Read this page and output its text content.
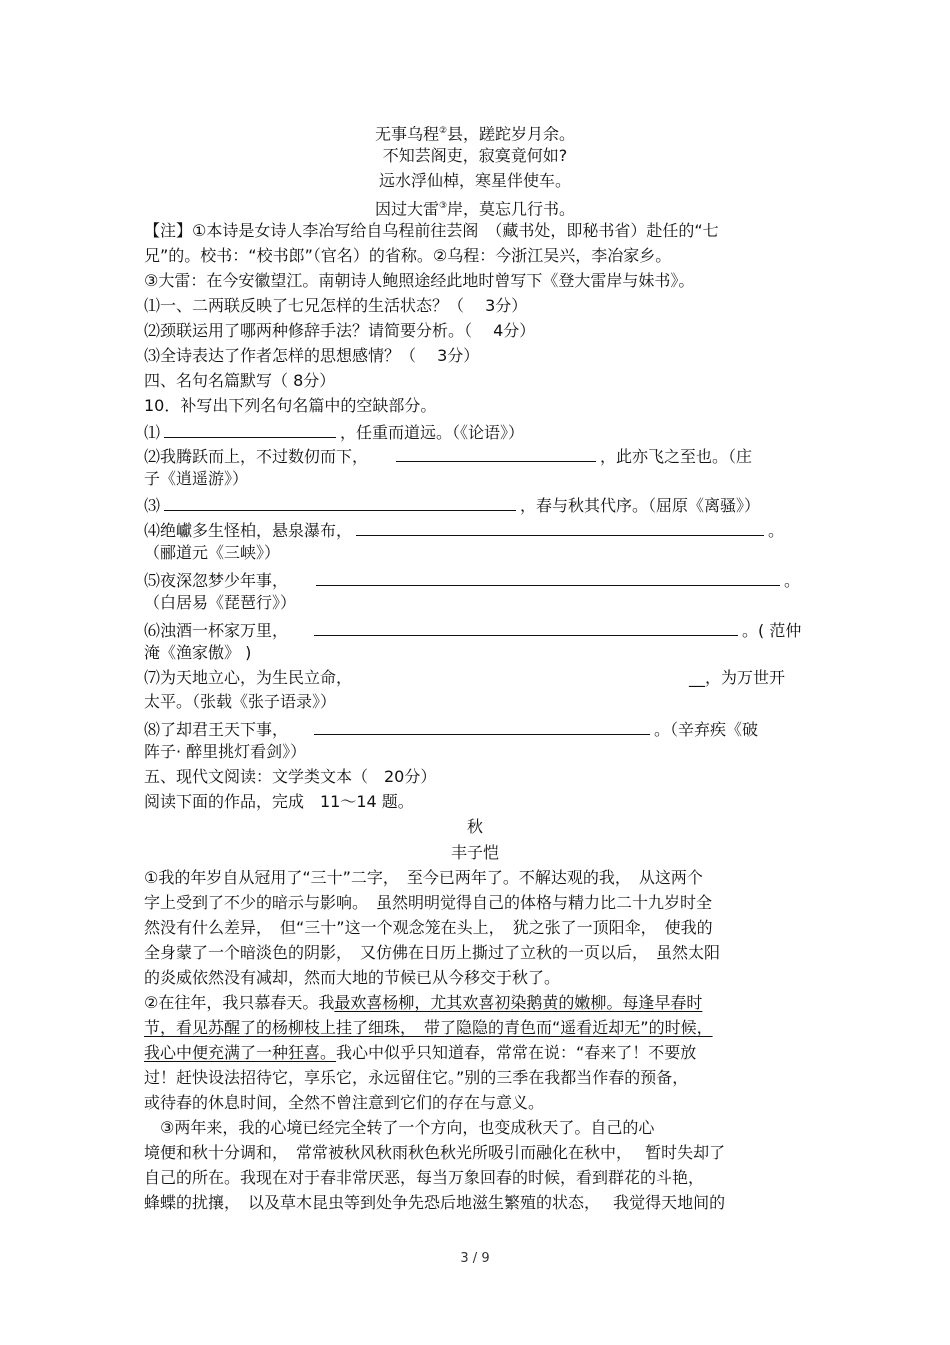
无事乌程②县，蹉跎岁月余。
不知芸阁吏，寂寞竟何如?
远水浮仙棹，寒星伴使车。
因过大雷③岸，莫忘几行书。
【注】①本诗是女诗人李冶写给自乌程前往芸阁　（藏书处，即秘书省）赴任的“七
兄”的。校书：“校书郎”（官名）的省称。②乌程：今浙江吴兴，李冶家乡。
③大雷：在今安徽望江。南朝诗人鲍照途经此地时曾写下《登大雷岸与妹书》。
⑴一、二两联反映了七兄怎样的生活状态？（　 3分）
⑵颈联运用了哪两种修辞手法？请简要分析。（　 4分）
⑶全诗表达了作者怎样的思想感情？（　 3分）
四、名句名篇默写（ 8分）
10．补写出下列名句名篇中的空缺部分。
⑴	，任重而道远。（《论语》）
⑵我腾跃而上，不过数仞而下，	，此亦飞之至也。（庄
子《逍遥游》）
⑶	，春与秋其代序。（屈原《离骚》）
⑷绝巘多生怪柏，悬泉瀑布，	。
（郦道元《三峡》）
⑸夜深忽梦少年事，	。
（白居易《琵琶行》）
⑹浊酒一杯家万里，	。( 范仲
淹《渔家傲》 )
⑺为天地立心，为生民立命，	__，为万世开
太平。（张载《张子语录》）
⑻了却君王天下事，	。（辛弃疾《破
阵子· 醉里挑灯看剑》）
五、现代文阅读：文学类文本（　20分）
阅读下面的作品，完成　11～14 题。
秋
丰子恺
①我的年岁自从冠用了“三十”二字，　至今已两年了。不解达观的我，　从这两个
字上受到了不少的暗示与影响。　虽然明明觉得自己的体格与精力比二十九岁时全
然没有什么差异，　但“三十”这一个观念笼在头上，　犹之张了一顶阳伞，　使我的
全身蒙了一个暗淡色的阴影，　又仿佛在日历上撕过了立秋的一页以后，　虽然太阳
的炎威依然没有减却，然而大地的节候已从今移交于秋了。
②在往年，我只慕春天。我最欢喜杨柳，尤其欢喜初染鹅黄的嫩柳。每逢早春时
节，看见苏醒了的杨柳枝上挂了细珠，　带了隐隐的青色而“遥看近却无”的时候，
我心中便充满了一种狂喜。我心中似乎只知道春，常常在说：“春来了！不要放
过！赶快设法招待它，享乐它，永远留住它。”别的三季在我都当作春的预备，
或待春的休息时间，全然不曾注意到它们的存在与意义。
　③两年来，我的心境已经完全转了一个方向，也变成秋天了。自己的心
境便和秋十分调和，　常常被秋风秋雨秋色秋光所吸引而融化在秋中，　 暂时失却了
自己的所在。我现在对于春非常厌恶，每当万象回春的时候，看到群花的斗艳，
蜂蝶的扰攘，　以及草木昆虫等到处争先恐后地滋生繁殖的状态，　 我觉得天地间的
3 / 9
